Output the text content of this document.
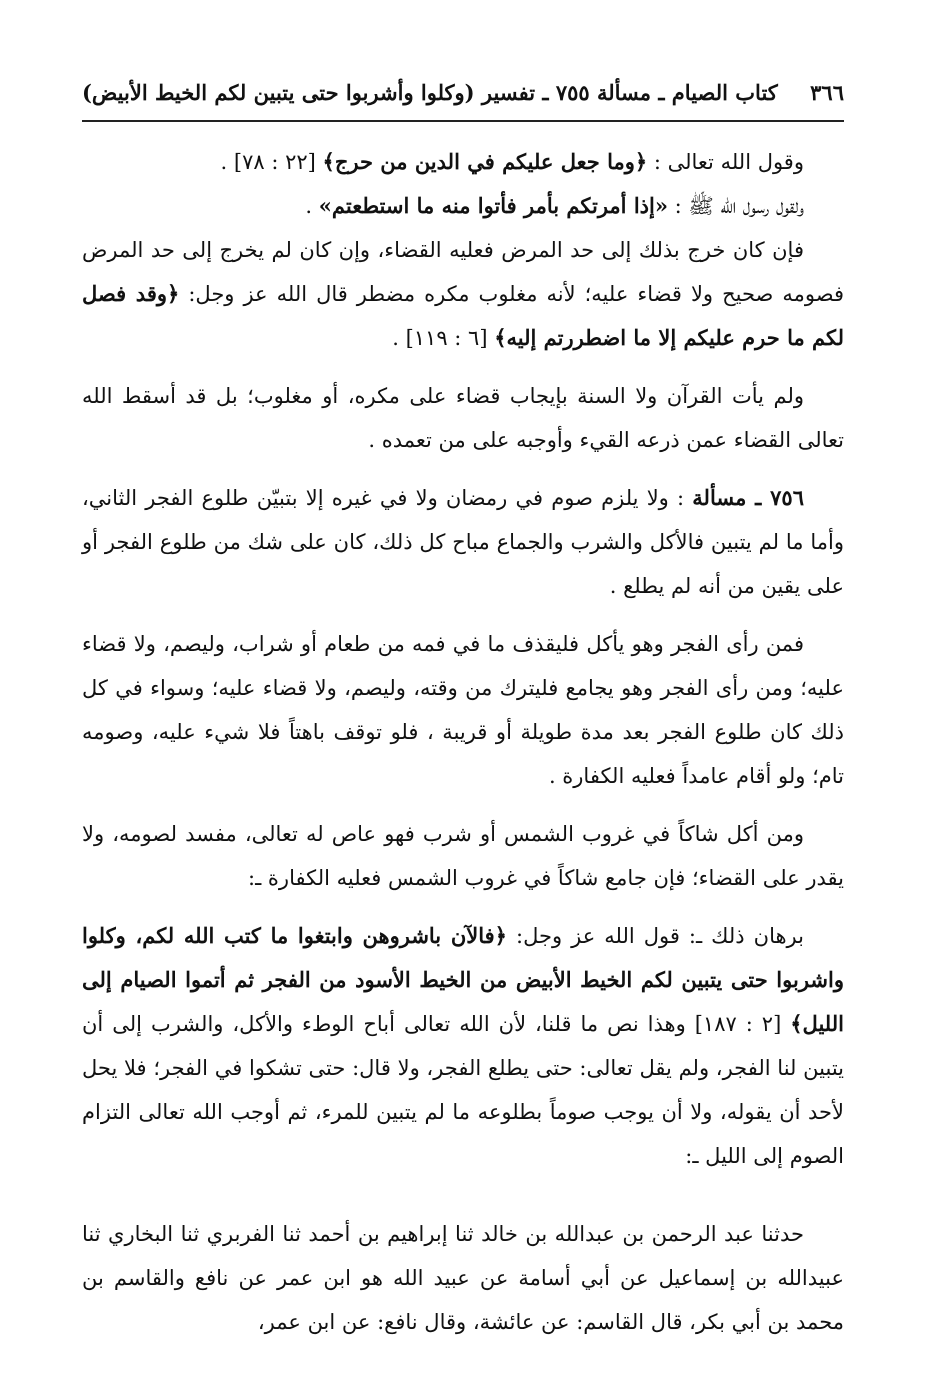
٣٦٦
كتاب الصيام ـ مسألة ٧٥٥ ـ تفسير (وكلوا وأشربوا حتى يتبين لكم الخيط الأبيض)

وقول الله تعالى : ﴿وما جعل عليكم في الدين من حرج﴾ [٢٢ : ٧٨] .

ولقول رسول الله ﷺ : «إذا أمرتكم بأمر فأتوا منه ما استطعتم» .

فإن كان خرج بذلك إلى حد المرض فعليه القضاء، وإن كان لم يخرج إلى حد المرض فصومه صحيح ولا قضاء عليه؛ لأنه مغلوب مكره مضطر قال الله عز وجل: ﴿وقد فصل لكم ما حرم عليكم إلا ما اضطررتم إليه﴾ [٦ : ١١٩] .

ولم يأت القرآن ولا السنة بإيجاب قضاء على مكره، أو مغلوب؛ بل قد أسقط الله تعالى القضاء عمن ذرعه القيء وأوجبه على من تعمده .

٧٥٦ ـ مسألة : ولا يلزم صوم في رمضان ولا في غيره إلا بتبيّن طلوع الفجر الثاني، وأما ما لم يتبين فالأكل والشرب والجماع مباح كل ذلك، كان على شك من طلوع الفجر أو على يقين من أنه لم يطلع .

فمن رأى الفجر وهو يأكل فليقذف ما في فمه من طعام أو شراب، وليصم، ولا قضاء عليه؛ ومن رأى الفجر وهو يجامع فليترك من وقته، وليصم، ولا قضاء عليه؛ وسواء في كل ذلك كان طلوع الفجر بعد مدة طويلة أو قريبة ، فلو توقف باهتاً فلا شيء عليه، وصومه تام؛ ولو أقام عامداً فعليه الكفارة .

ومن أكل شاكاً في غروب الشمس أو شرب فهو عاص له تعالى، مفسد لصومه، ولا يقدر على القضاء؛ فإن جامع شاكاً في غروب الشمس فعليه الكفارة ـ:

برهان ذلك ـ: قول الله عز وجل: ﴿فالآن باشروهن وابتغوا ما كتب الله لكم، وكلوا واشربوا حتى يتبين لكم الخيط الأبيض من الخيط الأسود من الفجر ثم أتموا الصيام إلى الليل﴾ [٢ : ١٨٧] وهذا نص ما قلنا، لأن الله تعالى أباح الوطء والأكل، والشرب إلى أن يتبين لنا الفجر، ولم يقل تعالى: حتى يطلع الفجر، ولا قال: حتى تشكوا في الفجر؛ فلا يحل لأحد أن يقوله، ولا أن يوجب صوماً بطلوعه ما لم يتبين للمرء، ثم أوجب الله تعالى التزام الصوم إلى الليل ـ:

حدثنا عبد الرحمن بن عبدالله بن خالد ثنا إبراهيم بن أحمد ثنا الفربري ثنا البخاري ثنا عبيدالله بن إسماعيل عن أبي أسامة عن عبيد الله هو ابن عمر عن نافع والقاسم بن محمد بن أبي بكر، قال القاسم: عن عائشة، وقال نافع: عن ابن عمر،
